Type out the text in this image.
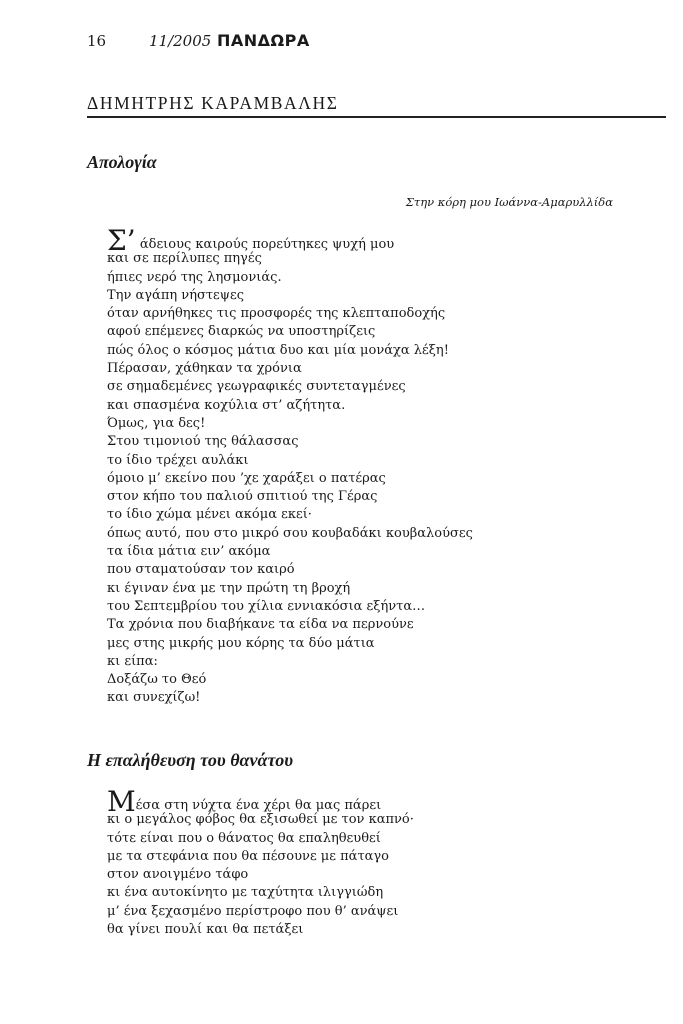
16	11/2005 ΠΑΝΔΩΡΑ
ΔΗΜΗΤΡΗΣ ΚΑΡΑΜΒΑΛΗΣ
Απολογία
Στην κόρη μου Ιωάννα-Αμαρυλλίδα
Σ’ άδειους καιρούς πορεύτηκες ψυχή μου
και σε περίλυπες πηγές
ήπιες νερό της λησμονιάς.
Την αγάπη νήστεψες
όταν αρνήθηκες τις προσφορές της κλεπταποδοχής
αφού επέμενες διαρκώς να υποστηρίζεις
πώς όλος ο κόσμος μάτια δυο και μία μονάχα λέξη!
Πέρασαν, χάθηκαν τα χρόνια
σε σημαδεμένες γεωγραφικές συντεταγμένες
και σπασμένα κοχύλια στ’ αζήτητα.
Όμως, για δες!
Στου τιμονιού της θάλασσας
το ίδιο τρέχει αυλάκι
όμοιο μ’ εκείνο που ’χε χαράξει ο πατέρας
στον κήπο του παλιού σπιτιού της Γέρας
το ίδιο χώμα μένει ακόμα εκεί·
όπως αυτό, που στο μικρό σου κουβαδάκι κουβαλούσες
τα ίδια μάτια ειν’ ακόμα
που σταματούσαν τον καιρό
κι έγιναν ένα με την πρώτη τη βροχή
του Σεπτεμβρίου του χίλια εννιακόσια εξήντα…
Τα χρόνια που διαβήκανε τα είδα να περνούνε
μες στης μικρής μου κόρης τα δύο μάτια
κι είπα:
Δοξάζω το Θεό
και συνεχίζω!
Η επαλήθευση του θανάτου
Μέσα στη νύχτα ένα χέρι θα μας πάρει
κι ο μεγάλος φόβος θα εξισωθεί με τον καπνό·
τότε είναι που ο θάνατος θα επαληθευθεί
με τα στεφάνια που θα πέσουνε με πάταγο
στον ανοιγμένο τάφο
κι ένα αυτοκίνητο με ταχύτητα ιλιγγιώδη
μ’ ένα ξεχασμένο περίστροφο που θ’ ανάψει
θα γίνει πουλί και θα πετάξει
